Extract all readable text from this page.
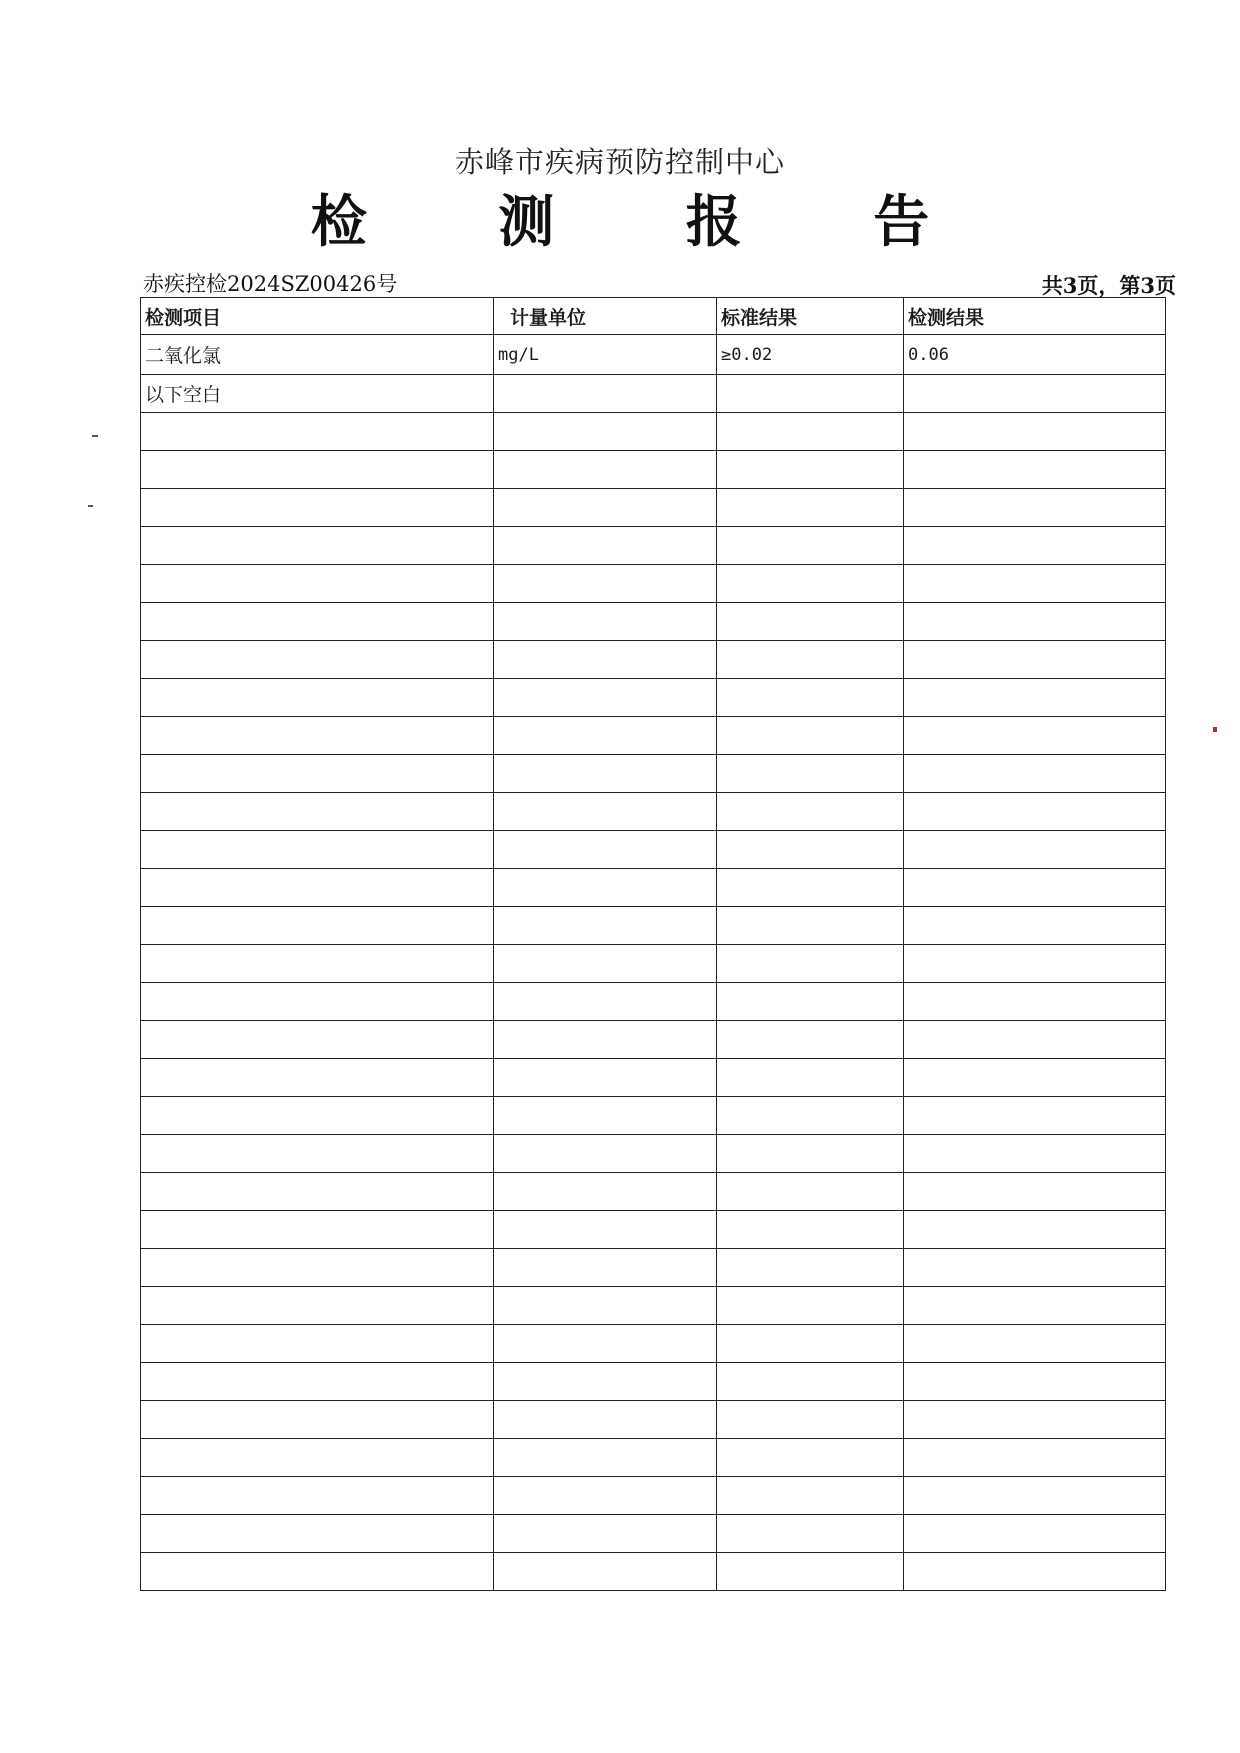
赤峰市疾病预防控制中心
检 测 报 告
赤疾控检2024SZ00426号	共3页，第3页
检测项目	计量单位	标准结果	检测结果
二氧化氯	mg/L	≥0.02	0.06
以下空白			
